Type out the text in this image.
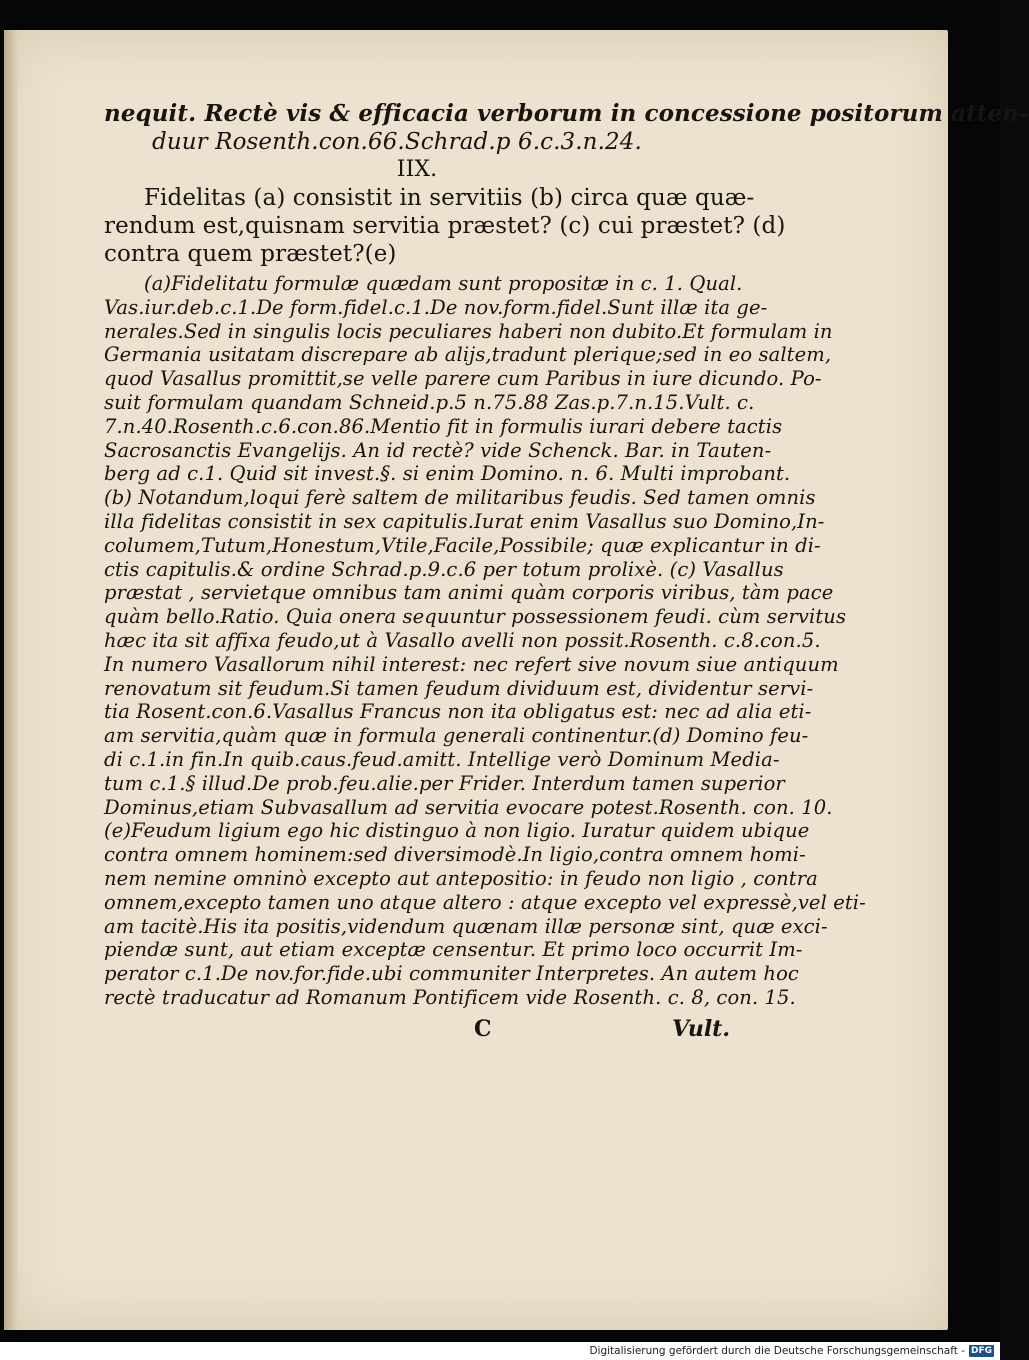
nequit. Rectè vis & efficacia verborum in concessione positorum atten-
duur Rosenth.con.66.Schrad.p 6.c.3.n.24.
IIX.
Fidelitas (a) consistit in servitiis (b) circa quæ quæ-
rendum est,quisnam servitia præstet? (c) cui præstet? (d)
contra quem præstet?(e)
(a)Fidelitatu formulæ quædam sunt propositæ in c. 1. Qual.
Vas.iur.deb.c.1.De form.fidel.c.1.De nov.form.fidel.Sunt illæ ita ge-
nerales.Sed in singulis locis peculiares haberi non dubito.Et formulam in
Germania usitatam discrepare ab alijs,tradunt plerique;sed in eo saltem,
quod Vasallus promittit,se velle parere cum Paribus in iure dicundo. Po-
suit formulam quandam Schneid.p.5 n.75.88 Zas.p.7.n.15.Vult. c.
7.n.40.Rosenth.c.6.con.86.Mentio fit in formulis iurari debere tactis
Sacrosanctis Evangelijs. An id rectè? vide Schenck. Bar. in Tauten-
berg ad c.1. Quid sit invest.§. si enim Domino. n. 6. Multi improbant.
(b) Notandum,loqui ferè saltem de militaribus feudis. Sed tamen omnis
illa fidelitas consistit in sex capitulis.Iurat enim Vasallus suo Domino,In-
columem,Tutum,Honestum,Vtile,Facile,Possibile; quæ explicantur in di-
ctis capitulis.& ordine Schrad.p.9.c.6 per totum prolixè. (c) Vasallus
præstat , servietque omnibus tam animi quàm corporis viribus, tàm pace
quàm bello.Ratio. Quia onera sequuntur possessionem feudi. cùm servitus
hæc ita sit affixa feudo,ut à Vasallo avelli non possit.Rosenth. c.8.con.5.
In numero Vasallorum nihil interest: nec refert sive novum siue antiquum
renovatum sit feudum.Si tamen feudum dividuum est, dividentur servi-
tia Rosent.con.6.Vasallus Francus non ita obligatus est: nec ad alia eti-
am servitia,quàm quæ in formula generali continentur.(d) Domino feu-
di c.1.in fin.In quib.caus.feud.amitt. Intellige verò Dominum Media-
tum c.1.§ illud.De prob.feu.alie.per Frider. Interdum tamen superior
Dominus,etiam Subvasallum ad servitia evocare potest.Rosenth. con. 10.
(e)Feudum ligium ego hic distinguo à non ligio. Iuratur quidem ubique
contra omnem hominem:sed diversimodè.In ligio,contra omnem homi-
nem nemine omninò excepto aut antepositio: in feudo non ligio , contra
omnem,excepto tamen uno atque altero : atque excepto vel expressè,vel eti-
am tacitè.His ita positis,videndum quænam illæ personæ sint, quæ exci-
piendæ sunt, aut etiam exceptæ censentur. Et primo loco occurrit Im-
perator c.1.De nov.for.fide.ubi communiter Interpretes. An autem hoc
rectè traducatur ad Romanum Pontificem vide Rosenth. c. 8, con. 15.
C	Vult.
Digitalisierung gefördert durch die Deutsche Forschungsgemeinschaft - DFG
